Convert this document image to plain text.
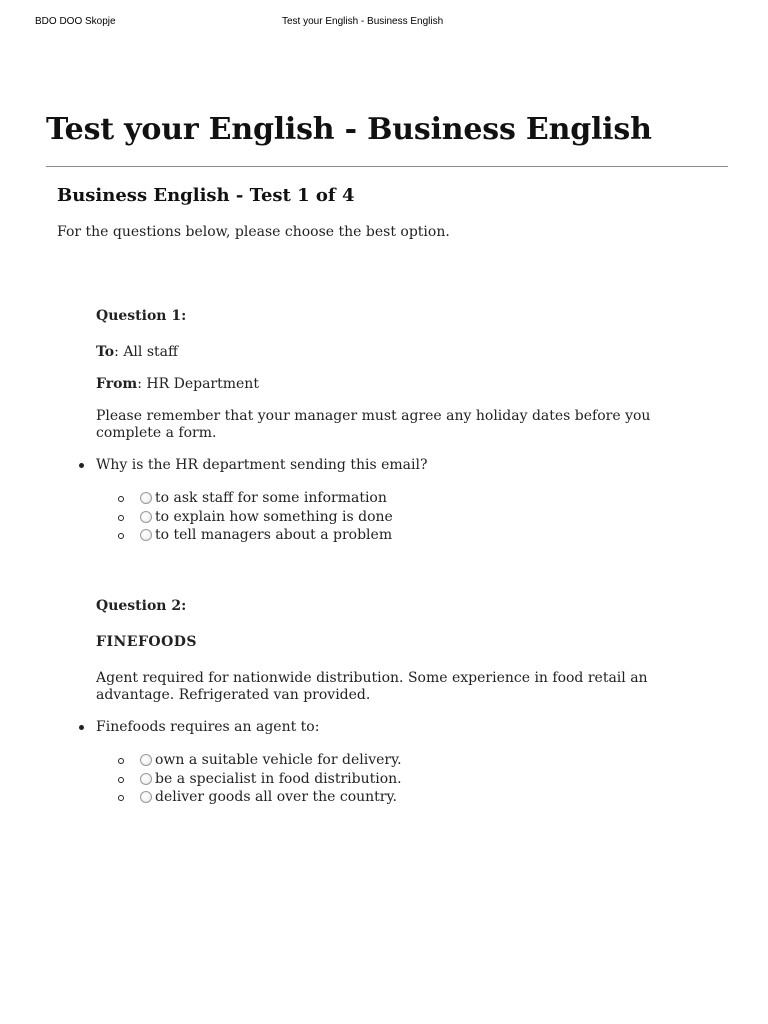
BDO DOO Skopje	Test your English - Business English
Test your English - Business English
Business English - Test 1 of 4

For the questions below, please choose the best option.

Question 1:

To: All staff

From: HR Department

Please remember that your manager must agree any holiday dates before you complete a form.

Why is the HR department sending this email?
to ask staff for some information
to explain how something is done
to tell managers about a problem

Question 2:

FINEFOODS

Agent required for nationwide distribution. Some experience in food retail an advantage. Refrigerated van provided.

Finefoods requires an agent to:
own a suitable vehicle for delivery.
be a specialist in food distribution.
deliver goods all over the country.
